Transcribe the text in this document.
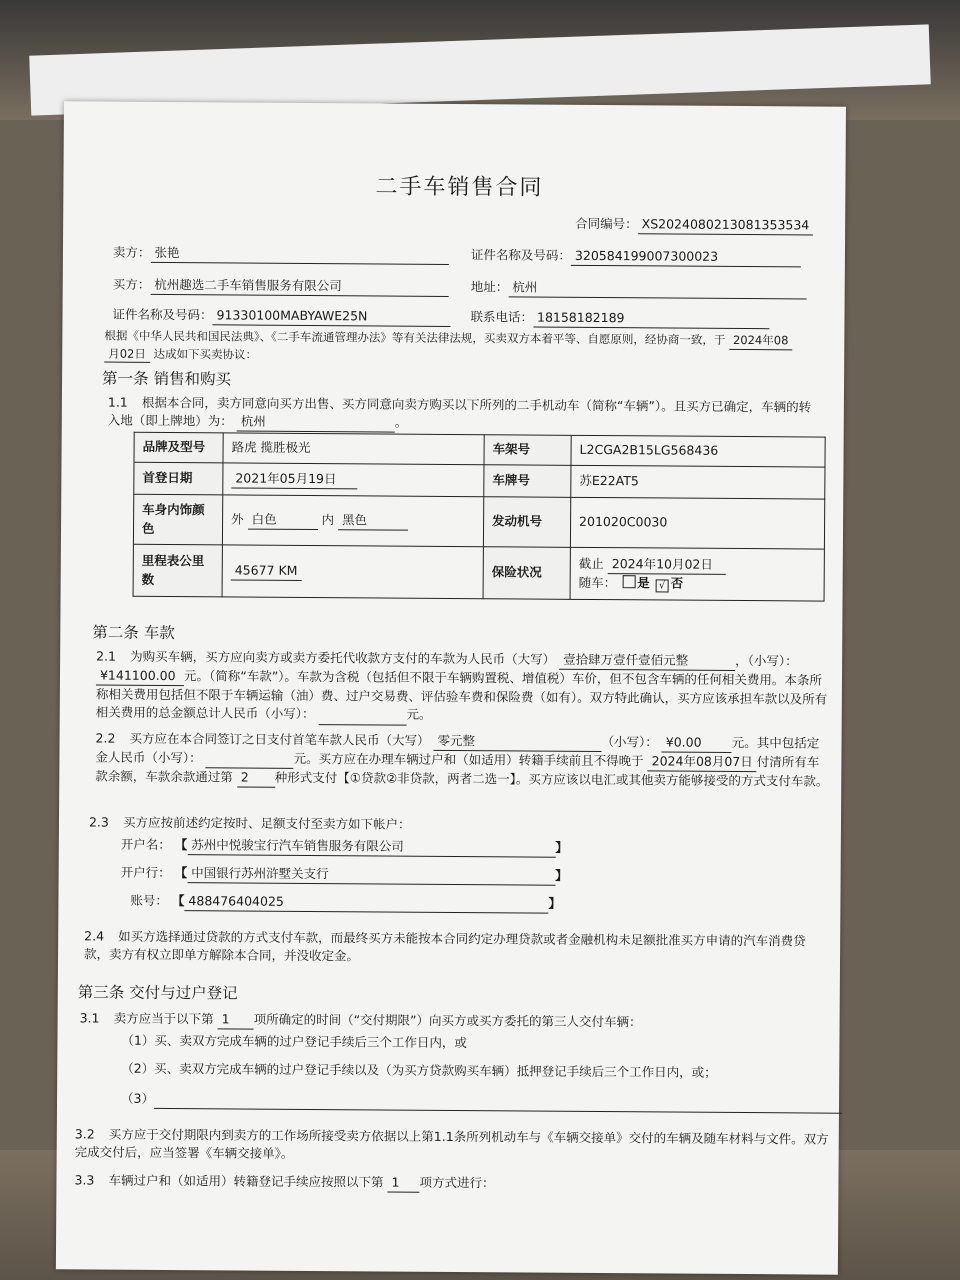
二手车销售合同
合同编号： XS2024080213081353534
卖方： 张艳	证件名称及号码： 320584199007300023
买方： 杭州趣选二手车销售服务有限公司	地址： 杭州
证件名称及号码： 91330100MABYAWE25N	联系电话： 18158182189
根据《中华人民共和国民法典》、《二手车流通管理办法》等有关法律法规，买卖双方本着平等、自愿原则，经协商一致，于 2024年08 月02日 达成如下买卖协议：
第一条 销售和购买
1.1 根据本合同，卖方同意向买方出售、买方同意向卖方购买以下所列的二手机动车（简称“车辆”）。且买方已确定，车辆的转入地（即上牌地）为： 杭州	。
品牌及型号	路虎 揽胜极光	车架号	L2CGA2B15LG568436
首登日期	2021年05月19日	车牌号	苏E22AT5
车身内饰颜色	外 白色 内 黑色	发动机号	201020C0030
里程表公里数	45677 KM	保险状况	截止 2024年10月02日
随车： 是 √ 否
第二条 车款
2.1 为购买车辆，买方应向卖方或卖方委托代收款方支付的车款为人民币（大写） 壹拾肆万壹仟壹佰元整	，（小写）： ¥141100.00 元。（简称“车款”）。车款为含税（包括但不限于车辆购置税、增值税）车价，但不包含车辆的任何相关费用。本条所称相关费用包括但不限于车辆运输（油）费、过户交易费、评估验车费和保险费（如有）。双方特此确认，买方应该承担车款以及所有相关费用的总金额总计人民币（小写）：	元。
2.2 买方应在本合同签订之日支付首笔车款人民币（大写） 零元整	（小写）： ¥0.00 元。其中包括定金人民币（小写）：	元。买方应在办理车辆过户和（如适用）转籍手续前且不得晚于 2024年08月07日 付清所有车款余额，车款余款通过第 2 种形式支付【①贷款②非贷款，两者二选一】。买方应该以电汇或其他卖方能够接受的方式支付车款。
2.3 买方应按前述约定按时、足额支付至卖方如下帐户：
开户名： 【 苏州中悦骏宝行汽车销售服务有限公司	】
开户行： 【 中国银行苏州浒墅关支行	】
账号： 【 488476404025	】
2.4 如买方选择通过贷款的方式支付车款，而最终买方未能按本合同约定办理贷款或者金融机构未足额批准买方申请的汽车消费贷款，卖方有权立即单方解除本合同，并没收定金。
第三条 交付与过户登记
3.1 卖方应当于以下第 1 项所确定的时间（“交付期限”）向买方或买方委托的第三人交付车辆：
（1）买、卖双方完成车辆的过户登记手续后三个工作日内，或
（2）买、卖双方完成车辆的过户登记手续以及（为买方贷款购买车辆）抵押登记手续后三个工作日内，或；
（3）
3.2 买方应于交付期限内到卖方的工作场所接受卖方依据以上第1.1条所列机动车与《车辆交接单》交付的车辆及随车材料与文件。双方完成交付后，应当签署《车辆交接单》。
3.3 车辆过户和（如适用）转籍登记手续应按照以下第 1 项方式进行：
